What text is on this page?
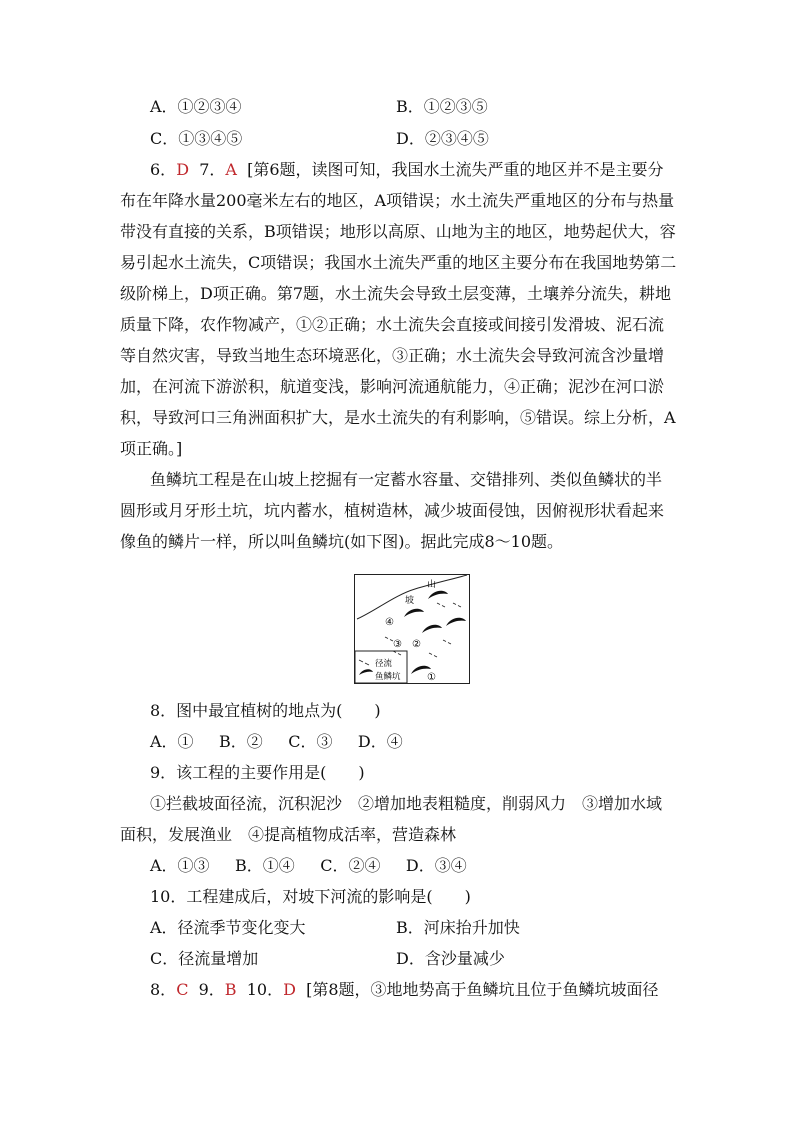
A．①②③④	B．①②③⑤
C．①③④⑤	D．②③④⑤
6．D 7．A [第6题，读图可知，我国水土流失严重的地区并不是主要分
布在年降水量200毫米左右的地区，A项错误；水土流失严重地区的分布与热量
带没有直接的关系，B项错误；地形以高原、山地为主的地区，地势起伏大，容
易引起水土流失，C项错误；我国水土流失严重的地区主要分布在我国地势第二
级阶梯上，D项正确。第7题，水土流失会导致土层变薄，土壤养分流失，耕地
质量下降，农作物减产，①②正确；水土流失会直接或间接引发滑坡、泥石流
等自然灾害，导致当地生态环境恶化，③正确；水土流失会导致河流含沙量增
加，在河流下游淤积，航道变浅，影响河流通航能力，④正确；泥沙在河口淤
积，导致河口三角洲面积扩大，是水土流失的有利影响，⑤错误。综上分析，A
项正确。]
鱼鳞坑工程是在山坡上挖掘有一定蓄水容量、交错排列、类似鱼鳞状的半
圆形或月牙形土坑，坑内蓄水，植树造林，减少坡面侵蚀，因俯视形状看起来
像鱼的鳞片一样，所以叫鱼鳞坑(如下图)。据此完成8～10题。
山
坡
④
③ ②
①
径流
鱼鳞坑
8．图中最宜植树的地点为(　　)
A．① B．② C．③ D．④
9．该工程的主要作用是(　　)
①拦截坡面径流，沉积泥沙　②增加地表粗糙度，削弱风力　③增加水域
面积，发展渔业　④提高植物成活率，营造森林
A．①③ B．①④ C．②④ D．③④
10．工程建成后，对坡下河流的影响是(　　)
A．径流季节变化变大	B．河床抬升加快
C．径流量增加	D．含沙量减少
8．C 9．B 10．D [第8题，③地地势高于鱼鳞坑且位于鱼鳞坑坡面径
